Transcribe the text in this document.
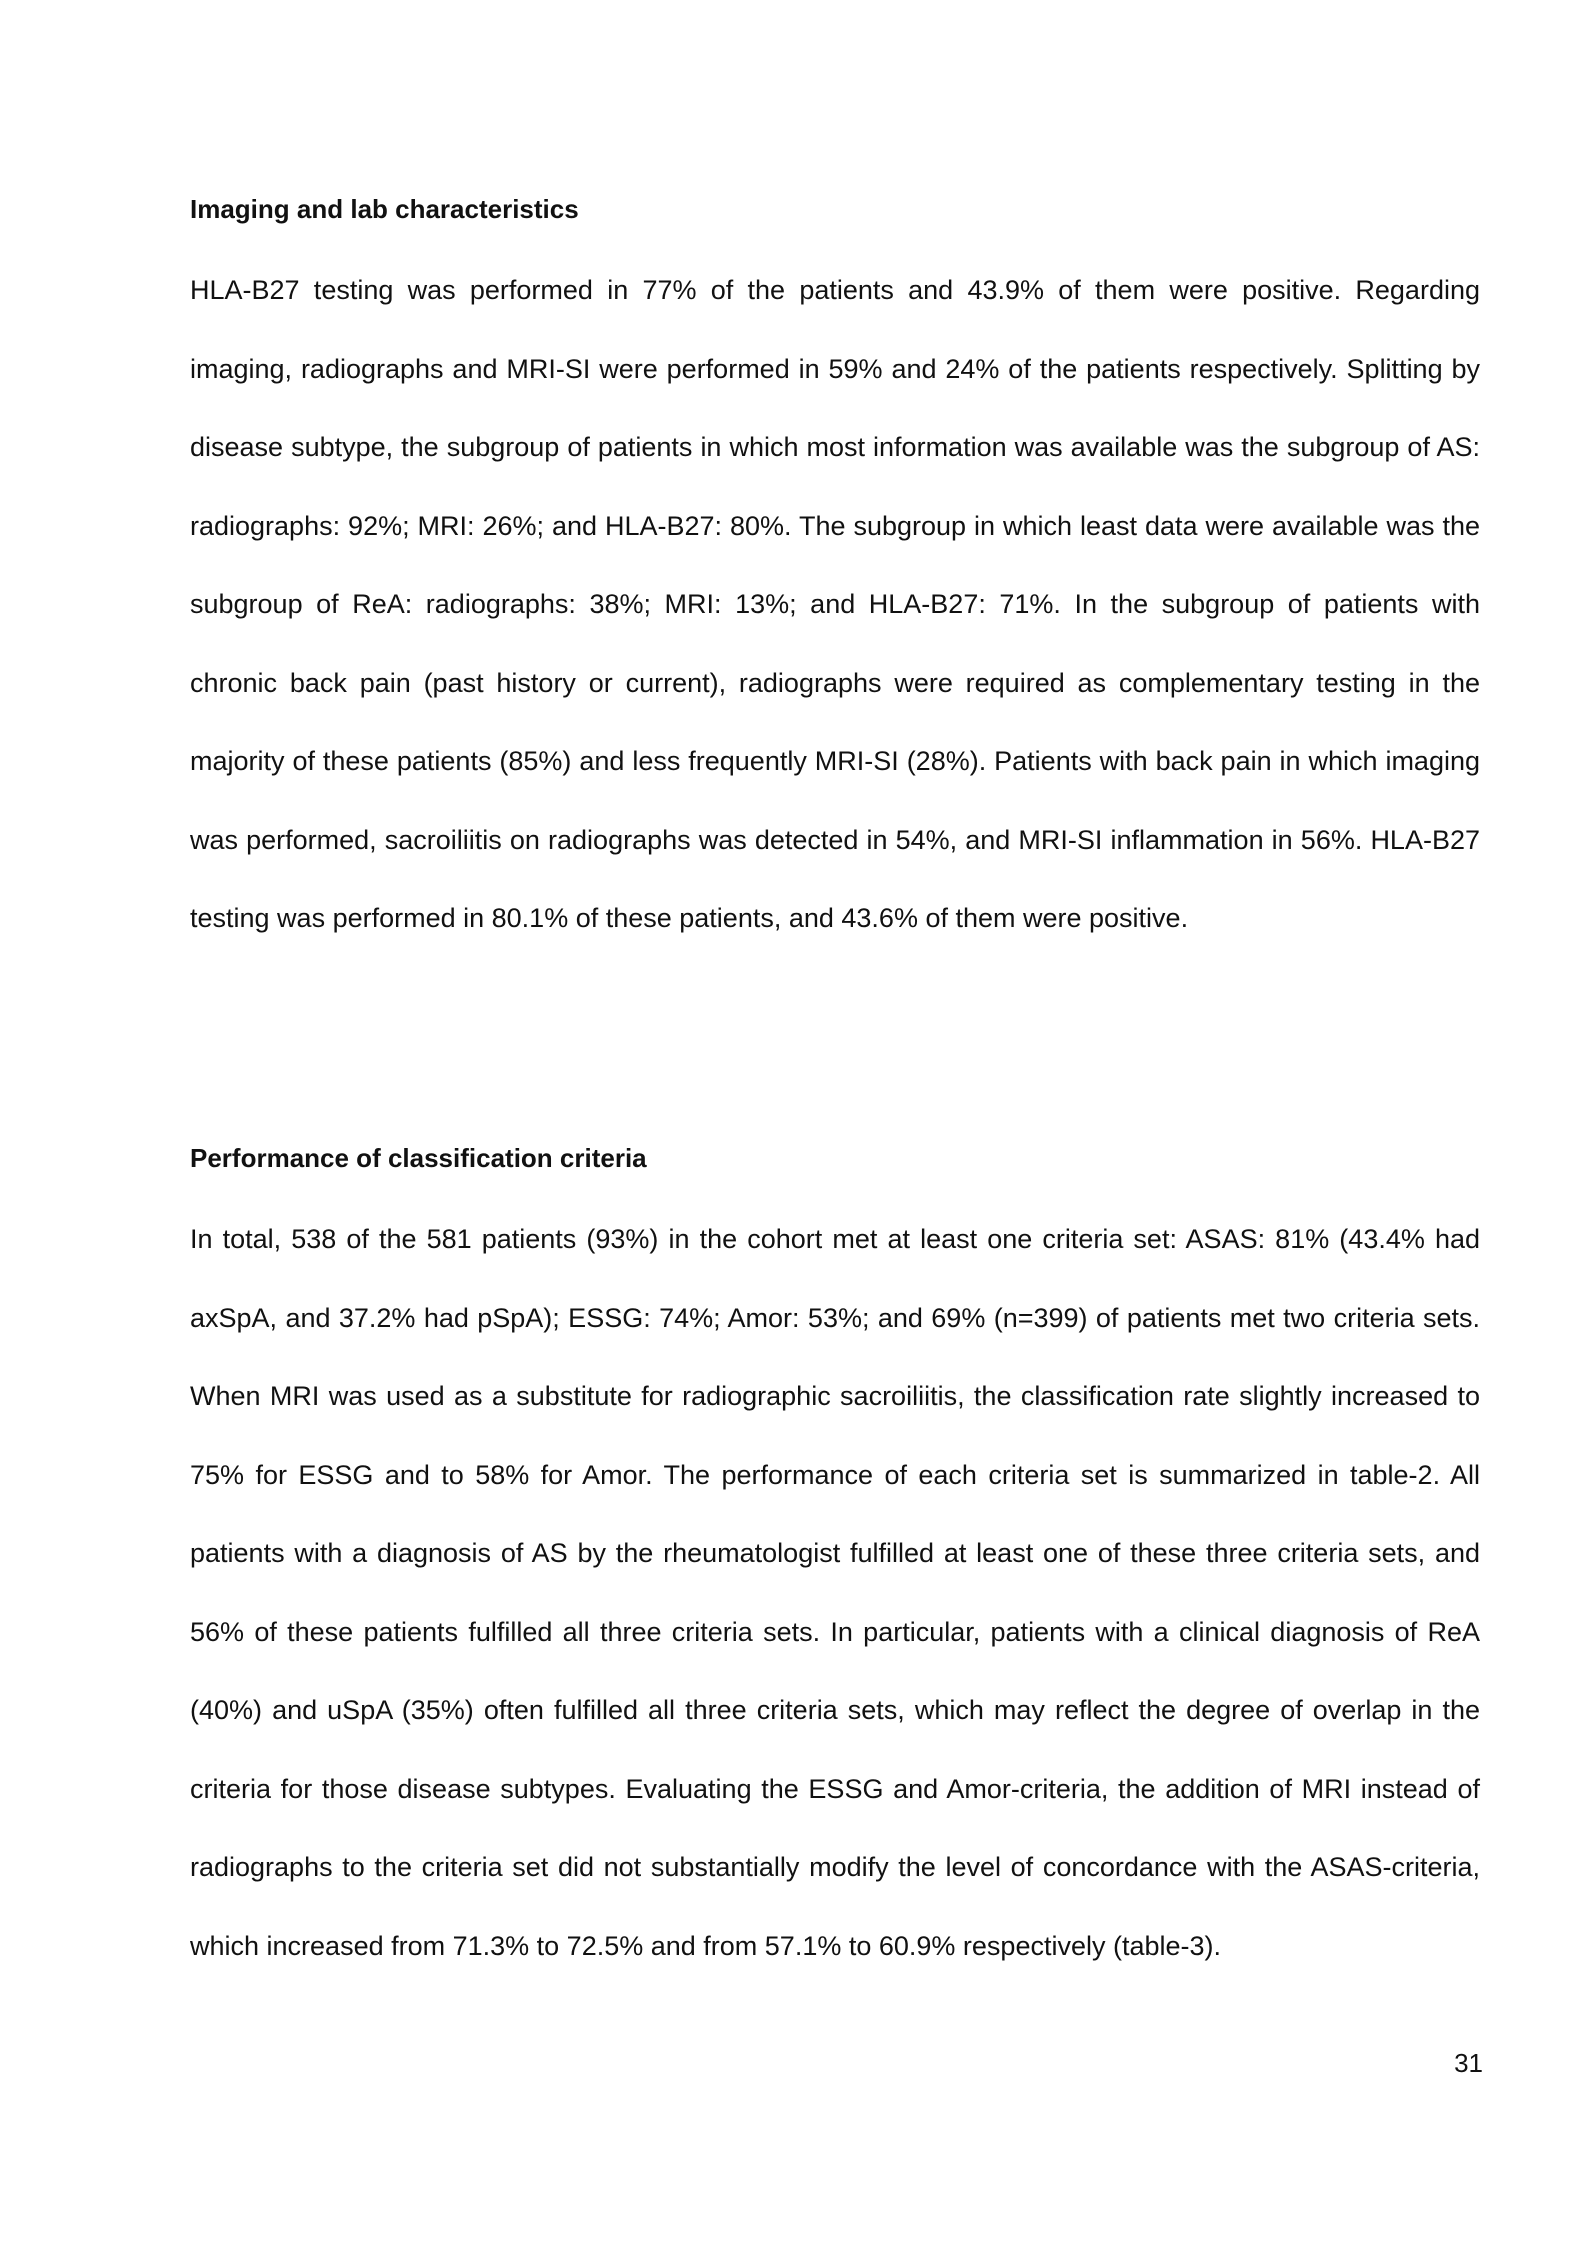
Imaging and lab characteristics

HLA-B27 testing was performed in 77% of the patients and 43.9% of them were positive. Regarding imaging, radiographs and MRI-SI were performed in 59% and 24% of the patients respectively. Splitting by disease subtype, the subgroup of patients in which most information was available was the subgroup of AS: radiographs: 92%; MRI: 26%; and HLA-B27: 80%. The subgroup in which least data were available was the subgroup of ReA: radiographs: 38%; MRI: 13%; and HLA-B27: 71%. In the subgroup of patients with chronic back pain (past history or current), radiographs were required as complementary testing in the majority of these patients (85%) and less frequently MRI-SI (28%). Patients with back pain in which imaging was performed, sacroiliitis on radiographs was detected in 54%, and MRI-SI inflammation in 56%. HLA-B27 testing was performed in 80.1% of these patients, and 43.6% of them were positive.

Performance of classification criteria

In total, 538 of the 581 patients (93%) in the cohort met at least one criteria set: ASAS: 81% (43.4% had axSpA, and 37.2% had pSpA); ESSG: 74%; Amor: 53%; and 69% (n=399) of patients met two criteria sets. When MRI was used as a substitute for radiographic sacroiliitis, the classification rate slightly increased to 75% for ESSG and to 58% for Amor. The performance of each criteria set is summarized in table-2. All patients with a diagnosis of AS by the rheumatologist fulfilled at least one of these three criteria sets, and 56% of these patients fulfilled all three criteria sets. In particular, patients with a clinical diagnosis of ReA (40%) and uSpA (35%) often fulfilled all three criteria sets, which may reflect the degree of overlap in the criteria for those disease subtypes. Evaluating the ESSG and Amor-criteria, the addition of MRI instead of radiographs to the criteria set did not substantially modify the level of concordance with the ASAS-criteria, which increased from 71.3% to 72.5% and from 57.1% to 60.9% respectively (table-3).

31
